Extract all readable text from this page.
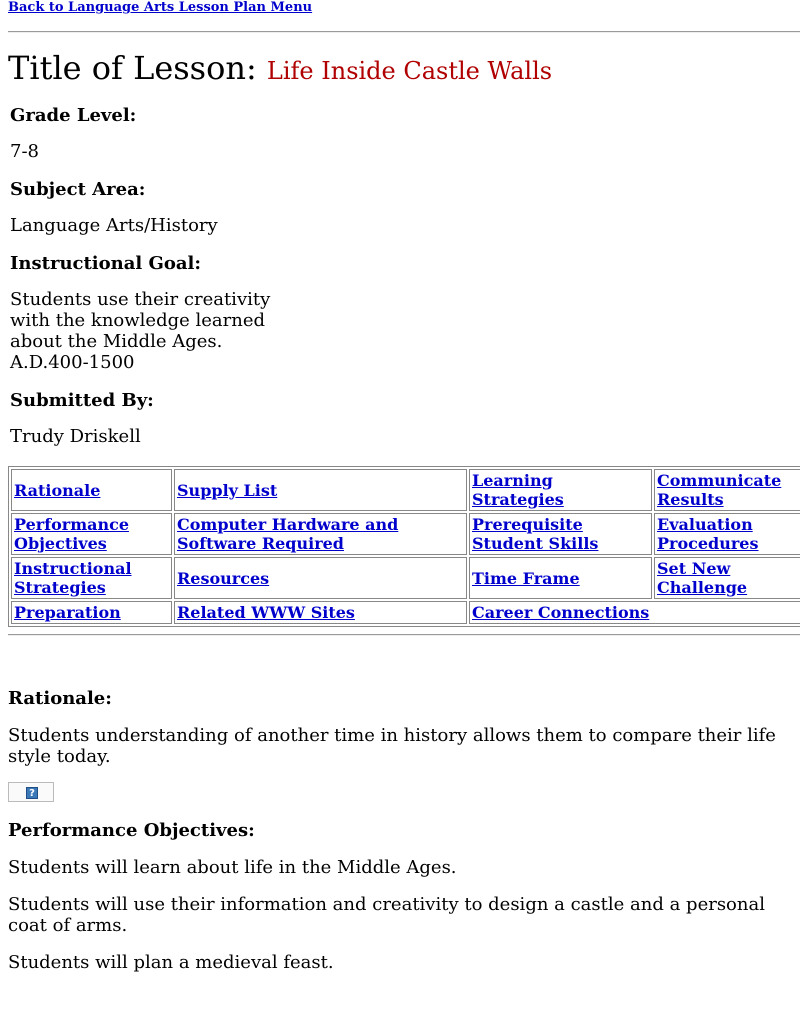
Back to Language Arts Lesson Plan Menu
Title of Lesson: Life Inside Castle Walls

Grade Level:

7-8

Subject Area:

Language Arts/History

Instructional Goal:

Students use their creativity
with the knowledge learned
about the Middle Ages.
A.D.400-1500

Submitted By:

Trudy Driskell

Rationale	Supply List	Learning Strategies	Communicate Results
Performance Objectives	Computer Hardware and Software Required	Prerequisite Student Skills	Evaluation Procedures
Instructional Strategies	Resources	Time Frame	Set New Challenge
Preparation	Related WWW Sites	Career Connections	

Rationale:

Students understanding of another time in history allows them to compare their life style today.

?

Performance Objectives:

Students will learn about life in the Middle Ages.

Students will use their information and creativity to design a castle and a personal coat of arms.

Students will plan a medieval feast.
